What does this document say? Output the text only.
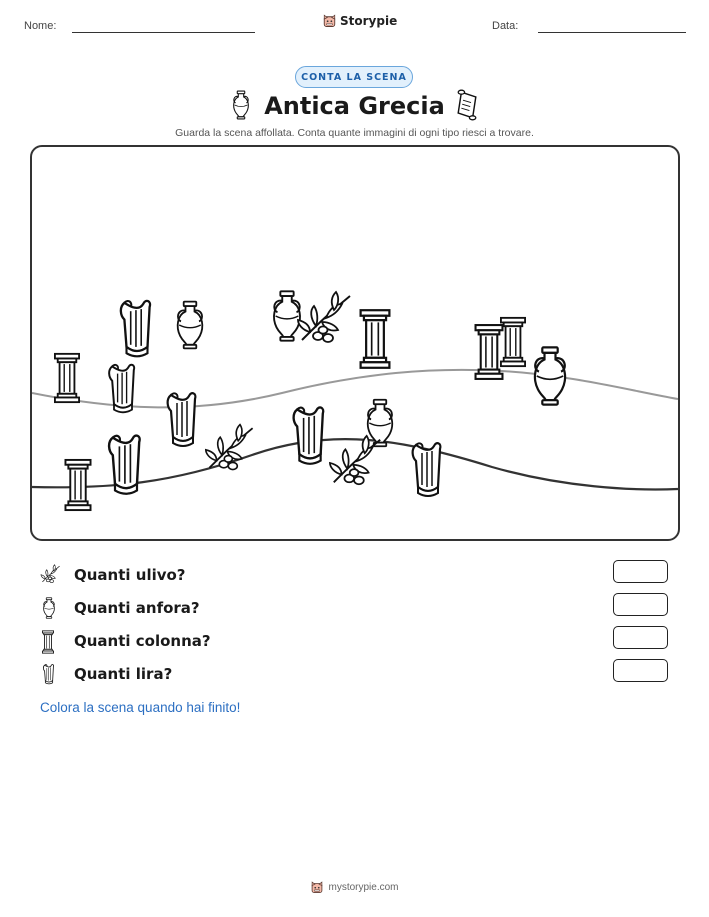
Nome:	Storypie	Data:
CONTA LA SCENA
Antica Grecia
Guarda la scena affollata. Conta quante immagini di ogni tipo riesci a trovare.
Quanti ulivo?
Quanti anfora?
Quanti colonna?
Quanti lira?
Colora la scena quando hai finito!
mystorypie.com
